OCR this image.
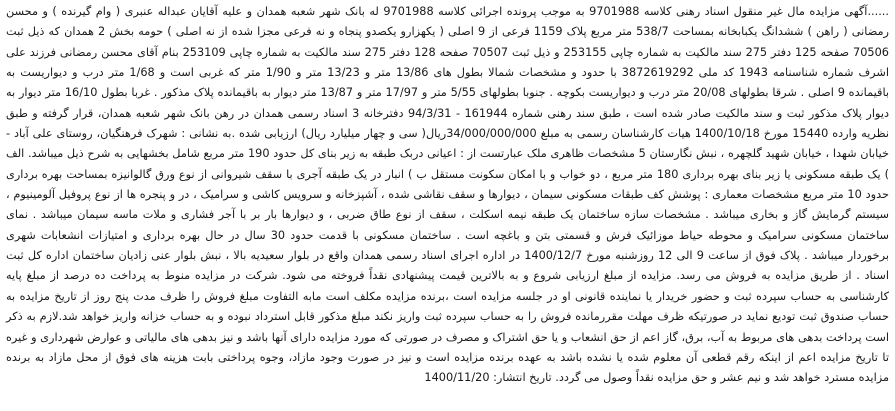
......آگهی مزایده مال غیر منقول اسناد رهنی کلاسه 9701988 به موجب پرونده اجرائی کلاسه 9701988 له بانک شهر شعبه همدان و علیه آقایان عبداله عنبری ( وام گیرنده ) و محسن رمضانی ( راهن ) ششدانگ یکبابخانه بمساحت 538/7 متر مربع پلاک 1159 فرعی از 9 اصلی ( یکهزارو یکصدو پنجاه و نه فرعی مجزا شده از نه اصلی ) حومه بخش 2 همدان که ذیل ثبت 70506 صفحه 125 دفتر 275 سند مالکیت به شماره چاپی 253155 و ذیل ثبت 70507 صفحه 128 دفتر 275 سند مالکیت به شماره چاپی 253109 بنام آقای محسن رمضانی فرزند علی اشرف شماره شناسنامه 1943 کد ملی 3872619292 با حدود و مشخصات شمالا بطول های 13/86 متر و 13/23 متر و 1/90 متر که غربی است و 1/68 متر درب و دیواریست به باقیمانده 9 اصلی . شرقا بطولهای 20/08 متر درب و دیواریست بکوچه . جنوبا بطولهای 5/55 متر و 17/97 متر و 13/87 متر دیوار به باقیمانده پلاک مذکور . غربا بطول 16/10 متر دیوار به دیوار پلاک مذکور ثبت و سند مالکیت صادر شده است ، طبق سند رهنی شماره 161944 - 94/3/31 دفترخانه 3 اسناد رسمی همدان در رهن بانک شهر شعبه همدان، قرار گرفته و طبق نظریه وارده 15440 مورخ 1400/10/18 هیات کارشناسان رسمی به مبلغ 34/000/000/000ریال( سی و چهار میلیارد ریال) ارزیابی شده .به نشانی : شهرک فرهنگیان، روستای علی آباد - خیابان شهدا ، خیابان شهید گلچهره ، نبش نگارستان 5 مشخصات ظاهری ملک عبارتست از : اعیانی دربک طبقه به زیر بنای کل حدود 190 متر مربع شامل بخشهایی به شرح ذیل میباشد. الف ) یک طبقه مسکونی یا زیر بنای بهره برداری 180 متر مربع ، دو خواب و با امکان سکونت مستقل ب ) انبار در یک طبقه آجری با سقف شیروانی از نوع ورق گالوانیزه بمساحت بهره برداری حدود 10 متر مربع مشخصات معماری : پوشش کف طبقات مسکونی سیمان ، دیوارها و سقف نقاشی شده ، آشپزخانه و سرویس کاشی و سرامیک ، در و پنجره ها از نوع پروفیل آلومینیوم ، سیستم گرمایش گاز و بخاری میباشد . مشخصات سازه ساختمان یک طبقه نیمه اسکلت ، سقف از نوع طاق ضربی ، و دیوارها بار بر با آجر فشاری و ملات ماسه سیمان میباشد . نمای ساختمان مسکونی سرامیک و محوطه حیاط موزائیک فرش و قسمتی بتن و باغچه است . ساختمان مسکونی با قدمت حدود 30 سال در حال بهره برداری و امتیازات انشعابات شهری برخوردار میباشد . پلاک فوق از ساعت 9 الی 12 روزشنبه مورخ 1400/12/7 در اداره اجرای اسناد رسمی همدان واقع در بلوار سعیدیه بالا ، نبش بلوار عنی زادیان ساختمان اداره کل ثبت اسناد . از طریق مزایده به فروش می رسد. مزایده از مبلغ ارزیابی شروع و به بالاترین قیمت پیشنهادی نقداً فروخته می شود. شرکت در مزایده منوط به پرداخت ده درصد از مبلغ پایه کارشناسی به حساب سپرده ثبت و حضور خریدار یا نماینده قانونی او در جلسه مزایده است ،برنده مزایده مکلف است مابه التفاوت مبلغ فروش را ظرف مدت پنج روز از تاریخ مزایده به حساب صندوق ثبت تودیع نماید در صورتیکه ظرف مهلت مقررمانده فروش را به حساب سپرده ثبت واریز نکند مبلغ مذکور قابل استرداد نبوده و به حساب خزانه واریز خواهد شد.لازم به ذکر است پرداخت بدهی های مربوط به آب، برق، گاز اعم از حق انشعاب و یا حق اشتراک و مصرف در صورتی که مورد مزایده دارای آنها باشد و نیز بدهی های مالیاتی و عوارض شهرداری و غیره تا تاریخ مزایده اعم از اینکه رقم قطعی آن معلوم شده یا نشده باشد به عهده برنده مزایده است و نیز در صورت وجود مازاد، وجوه پرداختی بابت هزینه های فوق از محل مازاد به برنده مزایده مسترد خواهد شد و نیم عشر و حق مزایده نقداً وصول می گردد. تاریخ انتشار: 1400/11/20
